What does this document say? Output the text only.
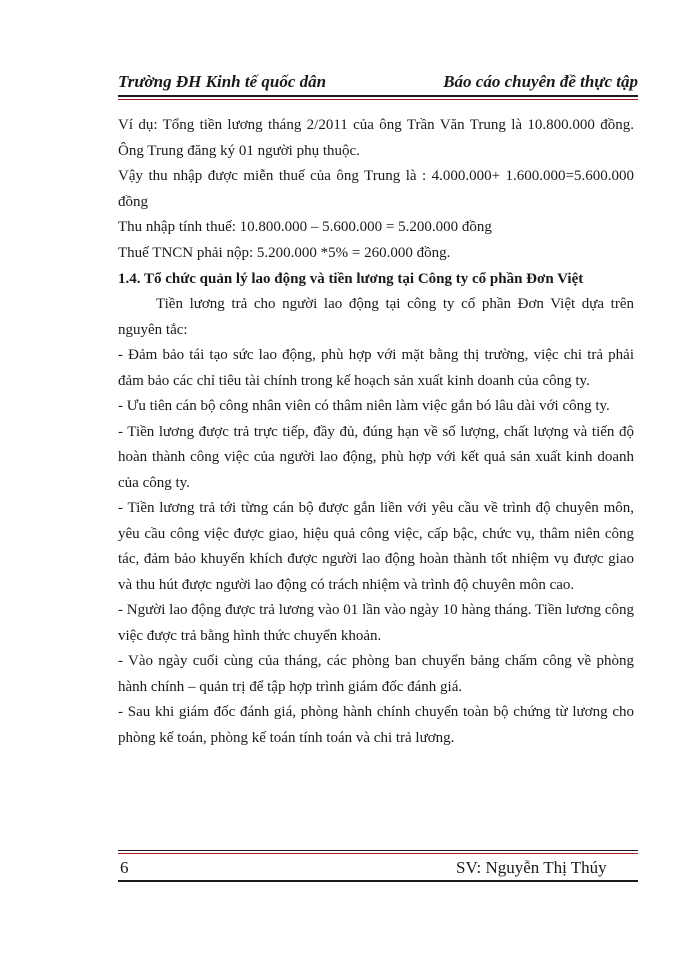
Trường ĐH Kinh tế quốc dân	Báo cáo chuyên đề thực tập

Ví dụ: Tổng tiền lương tháng 2/2011 của ông Trần Văn Trung là 10.800.000 đồng. Ông Trung đăng ký 01 người phụ thuộc.

Vậy thu nhập được miễn thuế của ông Trung là : 4.000.000+ 1.600.000=5.600.000 đồng

Thu nhập tính thuế: 10.800.000 – 5.600.000 = 5.200.000 đồng

Thuế TNCN phải nộp: 5.200.000 *5% = 260.000 đồng.

1.4. Tổ chức quản lý lao động và tiền lương tại Công ty cổ phần Đơn Việt

Tiền lương trả cho người lao động tại công ty cổ phần Đơn Việt dựa trên nguyên tắc:

- Đảm bảo tái tạo sức lao động, phù hợp với mặt bằng thị trường, việc chi trả phải đảm bảo các chỉ tiêu tài chính trong kế hoạch sản xuất kinh doanh của công ty.

- Ưu tiên cán bộ công nhân viên có thâm niên làm việc gắn bó lâu dài với công ty.

- Tiền lương được trả trực tiếp, đầy đủ, đúng hạn về số lượng, chất lượng và tiến độ hoàn thành công việc của người lao động, phù hợp với kết quả sản xuất kinh doanh của công ty.

- Tiền lương trả tới từng cán bộ được gắn liền với yêu cầu về trình độ chuyên môn, yêu cầu công việc được giao, hiệu quả công việc, cấp bậc, chức vụ, thâm niên công tác, đảm bảo khuyến khích được người lao động hoàn thành tốt nhiệm vụ được giao và thu hút được người lao động có trách nhiệm và trình độ chuyên môn cao.

- Người lao động được trả lương vào 01 lần vào ngày 10 hàng tháng. Tiền lương công việc được trả bằng hình thức chuyển khoản.

- Vào ngày cuối cùng của tháng, các phòng ban chuyển bảng chấm công về phòng hành chính – quản trị để tập hợp trình giám đốc đánh giá.

- Sau khi giám đốc đánh giá, phòng hành chính chuyển toàn bộ chứng từ lương cho phòng kế toán, phòng kế toán tính toán và chi trả lương.

6	SV: Nguyễn Thị Thúy
